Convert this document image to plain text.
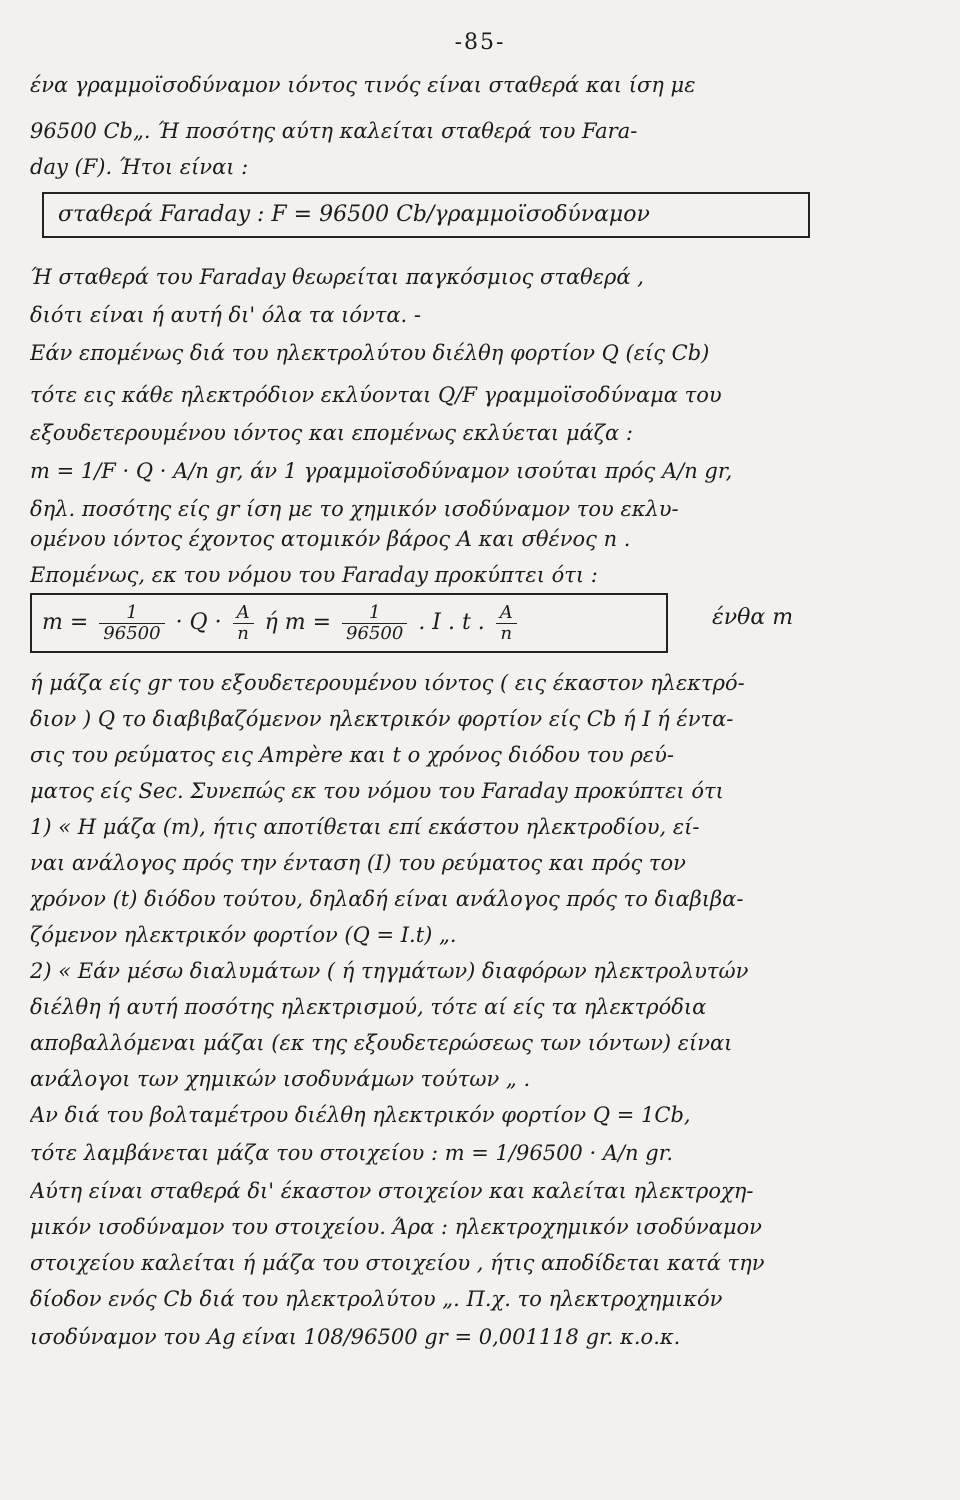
-85-
ένα γραμμοϊσοδύναμον ιόντος τινός είναι σταθερά και ίση με
96500 Cb„. Ή ποσότης αύτη καλείται σταθερά του Fara-
day (F). Ήτοι είναι :
σταθερά Faraday : F = 96500 Cb/γραμμοϊσοδύναμον
Ή σταθερά του Faraday θεωρείται παγκόσμιος σταθερά ,
διότι είναι ή αυτή δι' όλα τα ιόντα. -
Εάν επομένως διά του ηλεκτρολύτου διέλθη φορτίον Q (είς Cb)
τότε εις κάθε ηλεκτρόδιον εκλύονται Q/F γραμμοϊσοδύναμα του
εξουδετερουμένου ιόντος και επομένως εκλύεται μάζα :
m = 1/F · Q · A/n gr, άν 1 γραμμοϊσοδύναμον ισούται πρός A/n gr,
δηλ. ποσότης είς gr ίση με το χημικόν ισοδύναμον του εκλυ-
ομένου ιόντος έχοντος ατομικόν βάρος A και σθένος n .
Επομένως, εκ του νόμου του Faraday προκύπτει ότι :
$m = \frac{1}{96500} \cdot Q \cdot \frac{A}{n}$ ή $m = \frac{1}{96500}$ . I . t . $\frac{A}{n}$	ένθα m
ή μάζα είς gr του εξουδετερουμένου ιόντος ( εις έκαστον ηλεκτρό-
διον ) Q το διαβιβαζόμενον ηλεκτρικόν φορτίον είς Cb ή I ή έντα-
σις του ρεύματος εις Ampère και t ο χρόνος διόδου του ρεύ-
ματος είς Sec. Συνεπώς εκ του νόμου του Faraday προκύπτει ότι
1) « Η μάζα (m), ήτις αποτίθεται επί εκάστου ηλεκτροδίου, εί-
ναι ανάλογος πρός την ένταση (I) του ρεύματος και πρός τον
χρόνον (t) διόδου τούτου, δηλαδή είναι ανάλογος πρός το διαβιβα-
ζόμενον ηλεκτρικόν φορτίον (Q = I.t) „.
2) « Εάν μέσω διαλυμάτων ( ή τηγμάτων) διαφόρων ηλεκτρολυτών
διέλθη ή αυτή ποσότης ηλεκτρισμού, τότε αί είς τα ηλεκτρόδια
αποβαλλόμεναι μάζαι (εκ της εξουδετερώσεως των ιόντων) είναι
ανάλογοι των χημικών ισοδυνάμων τούτων „ .
Αν διά του βολταμέτρου διέλθη ηλεκτρικόν φορτίον Q = 1Cb,
τότε λαμβάνεται μάζα του στοιχείου : m = 1/96500 · A/n gr.
Αύτη είναι σταθερά δι' έκαστον στοιχείον και καλείται ηλεκτροχη-
μικόν ισοδύναμον του στοιχείου. Άρα : ηλεκτροχημικόν ισοδύναμον
στοιχείου καλείται ή μάζα του στοιχείου , ήτις αποδίδεται κατά την
δίοδον ενός Cb διά του ηλεκτρολύτου „. Π.χ. το ηλεκτροχημικόν
ισοδύναμον του Ag είναι 108/96500 gr = 0,001118 gr. κ.ο.κ.
